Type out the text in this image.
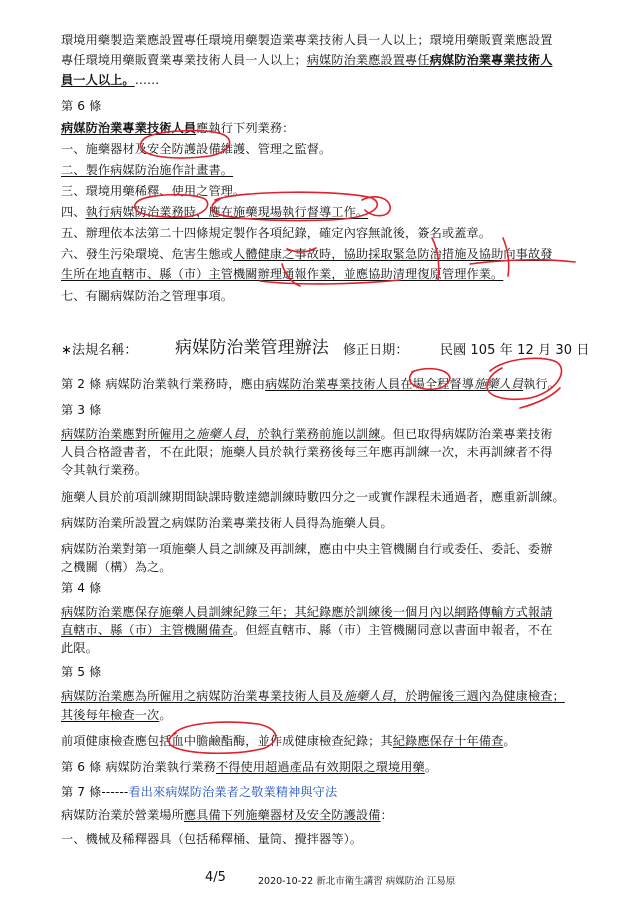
環境用藥製造業應設置專任環境用藥製造業專業技術人員一人以上；環境用藥販賣業應設置
專任環境用藥販賣業專業技術人員一人以上；病媒防治業應設置專任病媒防治業專業技術人
員一人以上。……
第 6 條
病媒防治業專業技術人員應執行下列業務：
一、施藥器材及安全防護設備維護、管理之監督。
二、製作病媒防治施作計畫書。
三、環境用藥稀釋、使用之管理。
四、執行病媒防治業務時，應在施藥現場執行督導工作。
五、辦理依本法第二十四條規定製作各項紀錄，確定內容無訛後，簽名或蓋章。
六、發生污染環境、危害生態或人體健康之事故時，協助採取緊急防治措施及協助向事故發
生所在地直轄市、縣（市）主管機關辦理通報作業，並應協助清理復原管理作業。
七、有關病媒防治之管理事項。
∗法規名稱： 病媒防治業管理辦法 修正日期： 民國 105 年 12 月 30 日
第 2 條 病媒防治業執行業務時，應由病媒防治業專業技術人員在場全程督導施藥人員執行。
第 3 條
病媒防治業應對所僱用之施藥人員，於執行業務前施以訓練。但已取得病媒防治業專業技術
人員合格證書者，不在此限；施藥人員於執行業務後每三年應再訓練一次，未再訓練者不得
令其執行業務。
施藥人員於前項訓練期間缺課時數達總訓練時數四分之一或實作課程未通過者，應重新訓練。
病媒防治業所設置之病媒防治業專業技術人員得為施藥人員。
病媒防治業對第一項施藥人員之訓練及再訓練，應由中央主管機關自行或委任、委託、委辦
之機關（構）為之。
第 4 條
病媒防治業應保存施藥人員訓練紀錄三年；其紀錄應於訓練後一個月內以網路傳輸方式報請
直轄市、縣（市）主管機關備查。但經直轄市、縣（市）主管機關同意以書面申報者，不在
此限。
第 5 條
病媒防治業應為所僱用之病媒防治業專業技術人員及施藥人員，於聘僱後三週內為健康檢查；
其後每年檢查一次。
前項健康檢查應包括血中膽鹼酯酶，並作成健康檢查紀錄；其紀錄應保存十年備查。
第 6 條 病媒防治業執行業務不得使用超過產品有效期限之環境用藥。
第 7 條------看出來病媒防治業者之敬業精神與守法
病媒防治業於營業場所應具備下列施藥器材及安全防護設備：
一、機械及稀釋器具（包括稀釋桶、量筒、攪拌器等）。
4/5	2020-10-22 新北市衛生講習 病媒防治 江易原
